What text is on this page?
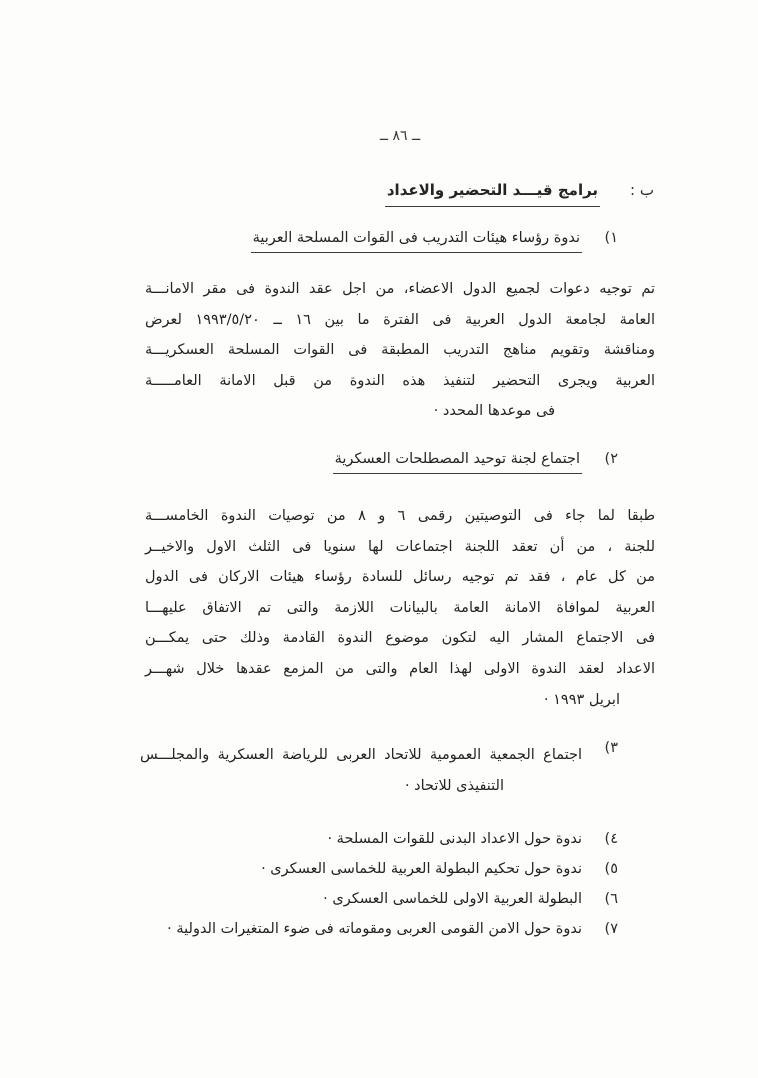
ــ ٨٦ ــ
ب :
برامج قيـــد التحضير والاعداد
١)
ندوة رؤساء هيئات التدريب فى القوات المسلحة العربية
تم توجيه دعوات لجميع الدول الاعضاء، من اجل عقد الندوة فى مقر الامانـــة
العامة لجامعة الدول العربية فى الفترة ما بين ١٦ ــ ١٩٩٣/٥/٢٠ لعرض
ومناقشة وتقويم مناهج التدريب المطبقة فى القوات المسلحة العسكريـــة
العربية ويجرى التحضير لتنفيذ هذه الندوة من قبل الامانة العامـــــة
فى موعدها المحدد ·
٢)
اجتماع لجنة توحيد المصطلحات العسكرية
طبقا لما جاء فى التوصيتين رقمى ٦ و ٨ من توصيات الندوة الخامســـة
للجنة ، من أن تعقد اللجنة اجتماعات لها سنويا فى الثلث الاول والاخيــر
من كل عام ، فقد تم توجيه رسائل للسادة رؤساء هيئات الاركان فى الدول
العربية لموافاة الامانة العامة بالبيانات اللازمة والتى تم الاتفاق عليهـــا
فى الاجتماع المشار اليه لتكون موضوع الندوة القادمة وذلك حتى يمكـــن
الاعداد لعقد الندوة الاولى لهذا العام والتى من المزمع عقدها خلال شهـــر
ابريل ١٩٩٣ ·
٣)
اجتماع الجمعية العمومية للاتحاد العربى للرياضة العسكرية والمجلـــس
التنفيذى للاتحاد ·
٤)
ندوة حول الاعداد البدنى للقوات المسلحة ·
٥)
ندوة حول تحكيم البطولة العربية للخماسى العسكرى ·
٦)
البطولة العربية الاولى للخماسى العسكرى ·
٧)
ندوة حول الامن القومى العربى ومقوماته فى ضوء المتغيرات الدولية ·
